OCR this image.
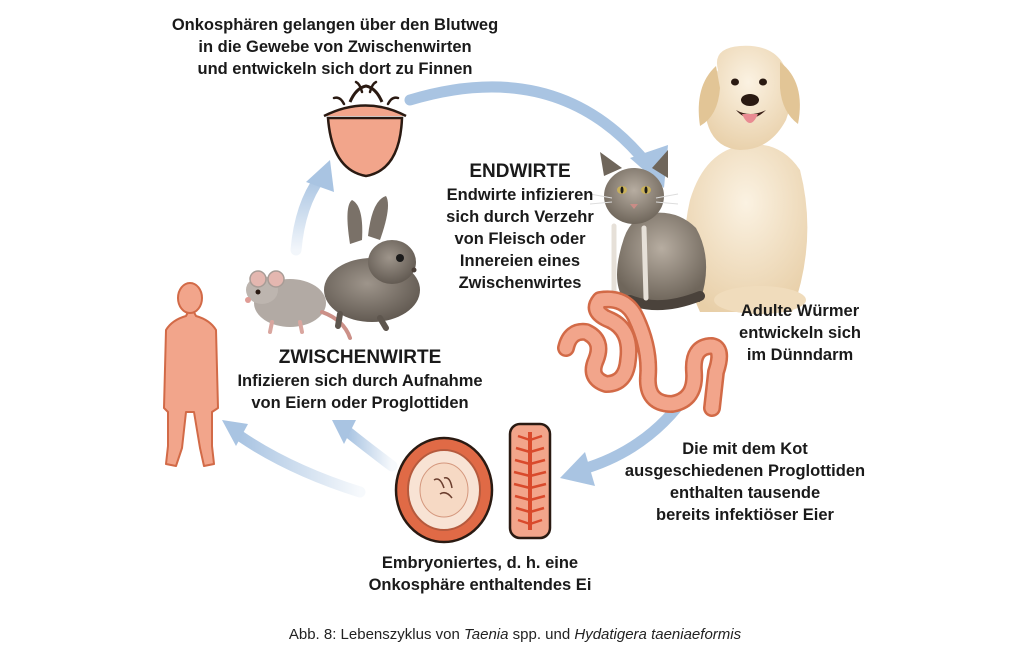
Onkosphären gelangen über den Blutweg
in die Gewebe von Zwischenwirten
und entwickeln sich dort zu Finnen
ENDWIRTE
Endwirte infizieren
sich durch Verzehr
von Fleisch oder
Innereien eines
Zwischenwirtes
Adulte Würmer
entwickeln sich
im Dünndarm
Die mit dem Kot
ausgeschiedenen Proglottiden
enthalten tausende
bereits infektiöser Eier
Embryoniertes, d. h. eine
Onkosphäre enthaltendes Ei
ZWISCHENWIRTE
Infizieren sich durch Aufnahme
von Eiern oder Proglottiden
Abb. 8: Lebenszyklus von Taenia spp. und Hydatigera taeniaeformis
